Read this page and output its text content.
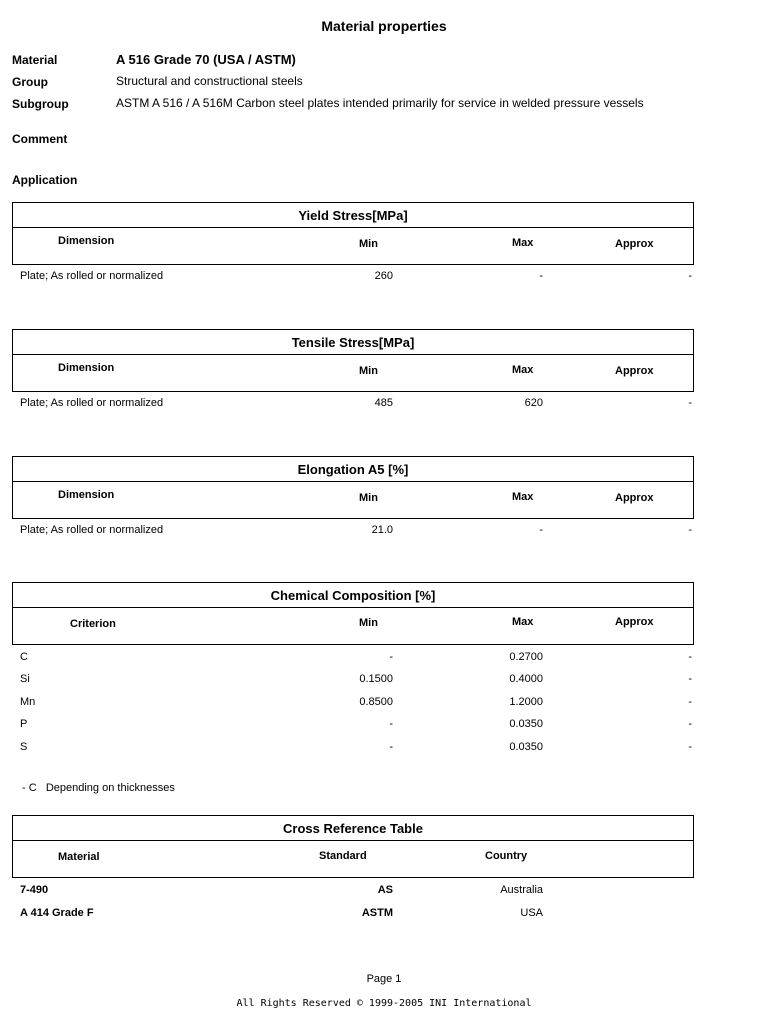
Material properties
Material	A 516 Grade 70 (USA / ASTM)
Group	Structural and constructional steels
Subgroup	ASTM A 516 / A 516M Carbon steel plates intended primarily for service in welded pressure vessels
Comment
Application
Yield Stress[MPa]
Dimension	Min	Max	Approx
Plate; As rolled or normalized	260	-	-
Tensile Stress[MPa]
Dimension	Min	Max	Approx
Plate; As rolled or normalized	485	620	-
Elongation A5 [%]
Dimension	Min	Max	Approx
Plate; As rolled or normalized	21.0	-	-
Chemical Composition [%]
Criterion	Min	Max	Approx
C	-	0.2700	-
Si	0.1500	0.4000	-
Mn	0.8500	1.2000	-
P	-	0.0350	-
S	-	0.0350	-
- C   Depending on thicknesses
Cross Reference Table
Material	Standard	Country
7-490	AS	Australia
A 414 Grade F	ASTM	USA
Page 1
All Rights Reserved © 1999-2005 INI International
